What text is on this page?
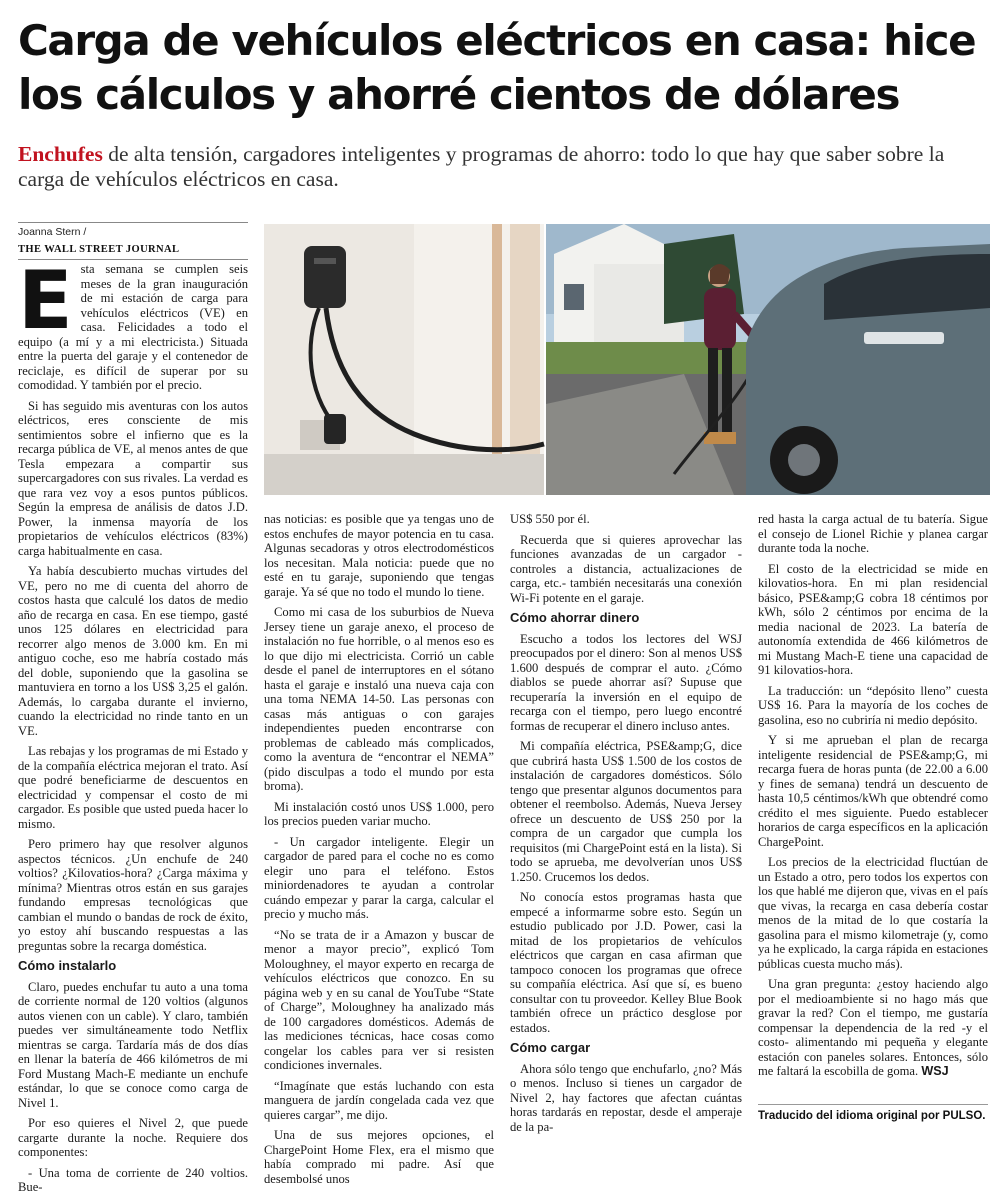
Carga de vehículos eléctricos en casa: hice los cálculos y ahorré cientos de dólares

Enchufes de alta tensión, cargadores inteligentes y programas de ahorro: todo lo que hay que saber sobre la carga de vehículos eléctricos en casa.

Joanna Stern /
THE WALL STREET JOURNAL
E sta semana se cumplen seis meses de la gran inauguración de mi estación de carga para vehículos eléctricos (VE) en casa. Felicidades a todo el equipo (a mí y a mi electricista.) Situada entre la puerta del garaje y el contenedor de reciclaje, es difícil de superar por su comodidad. Y también por el precio.

Si has seguido mis aventuras con los autos eléctricos, eres consciente de mis sentimientos sobre el infierno que es la recarga pública de VE, al menos antes de que Tesla empezara a compartir sus supercargadores con sus rivales. La verdad es que rara vez voy a esos puntos públicos. Según la empresa de análisis de datos J.D. Power, la inmensa mayoría de los propietarios de vehículos eléctricos (83%) carga habitualmente en casa.

Ya había descubierto muchas virtudes del VE, pero no me di cuenta del ahorro de costos hasta que calculé los datos de medio año de recarga en casa. En ese tiempo, gasté unos 125 dólares en electricidad para recorrer algo menos de 3.000 km. En mi antiguo coche, eso me habría costado más del doble, suponiendo que la gasolina se mantuviera en torno a los US$ 3,25 el galón. Además, lo cargaba durante el invierno, cuando la electricidad no rinde tanto en un VE.

Las rebajas y los programas de mi Estado y de la compañía eléctrica mejoran el trato. Así que podré beneficiarme de descuentos en electricidad y compensar el costo de mi cargador. Es posible que usted pueda hacer lo mismo.

Pero primero hay que resolver algunos aspectos técnicos. ¿Un enchufe de 240 voltios? ¿Kilovatios-hora? ¿Carga máxima y mínima? Mientras otros están en sus garajes fundando empresas tecnológicas que cambian el mundo o bandas de rock de éxito, yo estoy ahí buscando respuestas a las preguntas sobre la recarga doméstica.

Cómo instalarlo

Claro, puedes enchufar tu auto a una toma de corriente normal de 120 voltios (algunos autos vienen con un cable). Y claro, también puedes ver simultáneamente todo Netflix mientras se carga. Tardaría más de dos días en llenar la batería de 466 kilómetros de mi Ford Mustang Mach-E mediante un enchufe estándar, lo que se conoce como carga de Nivel 1.

Por eso quieres el Nivel 2, que puede cargarte durante la noche. Requiere dos componentes:

- Una toma de corriente de 240 voltios. Bue-

nas noticias: es posible que ya tengas uno de estos enchufes de mayor potencia en tu casa. Algunas secadoras y otros electrodomésticos los necesitan. Mala noticia: puede que no esté en tu garaje, suponiendo que tengas garaje. Ya sé que no todo el mundo lo tiene.

Como mi casa de los suburbios de Nueva Jersey tiene un garaje anexo, el proceso de instalación no fue horrible, o al menos eso es lo que dijo mi electricista. Corrió un cable desde el panel de interruptores en el sótano hasta el garaje e instaló una nueva caja con una toma NEMA 14-50. Las personas con casas más antiguas o con garajes independientes pueden encontrarse con problemas de cableado más complicados, como la aventura de “encontrar el NEMA” (pido disculpas a todo el mundo por esta broma).

Mi instalación costó unos US$ 1.000, pero los precios pueden variar mucho.

- Un cargador inteligente. Elegir un cargador de pared para el coche no es como elegir uno para el teléfono. Estos miniordenadores te ayudan a controlar cuándo empezar y parar la carga, calcular el precio y mucho más.

“No se trata de ir a Amazon y buscar de menor a mayor precio”, explicó Tom Moloughney, el mayor experto en recarga de vehículos eléctricos que conozco. En su página web y en su canal de YouTube “State of Charge”, Moloughney ha analizado más de 100 cargadores domésticos. Además de las mediciones técnicas, hace cosas como congelar los cables para ver si resisten condiciones invernales.

“Imagínate que estás luchando con esta manguera de jardín congelada cada vez que quieres cargar”, me dijo.

Una de sus mejores opciones, el ChargePoint Home Flex, era el mismo que había comprado mi padre. Así que desembolsé unos

US$ 550 por él.

Recuerda que si quieres aprovechar las funciones avanzadas de un cargador -controles a distancia, actualizaciones de carga, etc.- también necesitarás una conexión Wi-Fi potente en el garaje.

Cómo ahorrar dinero

Escucho a todos los lectores del WSJ preocupados por el dinero: Son al menos US$ 1.600 después de comprar el auto. ¿Cómo diablos se puede ahorrar así? Supuse que recuperaría la inversión en el equipo de recarga con el tiempo, pero luego encontré formas de recuperar el dinero incluso antes.

Mi compañía eléctrica, PSE&amp;G, dice que cubrirá hasta US$ 1.500 de los costos de instalación de cargadores domésticos. Sólo tengo que presentar algunos documentos para obtener el reembolso. Además, Nueva Jersey ofrece un descuento de US$ 250 por la compra de un cargador que cumpla los requisitos (mi ChargePoint está en la lista). Si todo se aprueba, me devolverían unos US$ 1.250. Crucemos los dedos.

No conocía estos programas hasta que empecé a informarme sobre esto. Según un estudio publicado por J.D. Power, casi la mitad de los propietarios de vehículos eléctricos que cargan en casa afirman que tampoco conocen los programas que ofrece su compañía eléctrica. Así que sí, es bueno consultar con tu proveedor. Kelley Blue Book también ofrece un práctico desglose por estados.

Cómo cargar

Ahora sólo tengo que enchufarlo, ¿no? Más o menos. Incluso si tienes un cargador de Nivel 2, hay factores que afectan cuántas horas tardarás en repostar, desde el amperaje de la pa-

red hasta la carga actual de tu batería. Sigue el consejo de Lionel Richie y planea cargar durante toda la noche.

El costo de la electricidad se mide en kilovatios-hora. En mi plan residencial básico, PSE&amp;G cobra 18 céntimos por kWh, sólo 2 céntimos por encima de la media nacional de 2023. La batería de autonomía extendida de 466 kilómetros de mi Mustang Mach-E tiene una capacidad de 91 kilovatios-hora.

La traducción: un “depósito lleno” cuesta US$ 16. Para la mayoría de los coches de gasolina, eso no cubriría ni medio depósito.

Y si me aprueban el plan de recarga inteligente residencial de PSE&amp;G, mi recarga fuera de horas punta (de 22.00 a 6.00 y fines de semana) tendrá un descuento de hasta 10,5 céntimos/kWh que obtendré como crédito el mes siguiente. Puedo establecer horarios de carga específicos en la aplicación ChargePoint.

Los precios de la electricidad fluctúan de un Estado a otro, pero todos los expertos con los que hablé me dijeron que, vivas en el país que vivas, la recarga en casa debería costar menos de la mitad de lo que costaría la gasolina para el mismo kilometraje (y, como ya he explicado, la carga rápida en estaciones públicas cuesta mucho más).

Una gran pregunta: ¿estoy haciendo algo por el medioambiente si no hago más que gravar la red? Con el tiempo, me gustaría compensar la dependencia de la red -y el costo- alimentando mi pequeña y elegante estación con paneles solares. Entonces, sólo me faltará la escobilla de goma. WSJ

Traducido del idioma original por PULSO.
